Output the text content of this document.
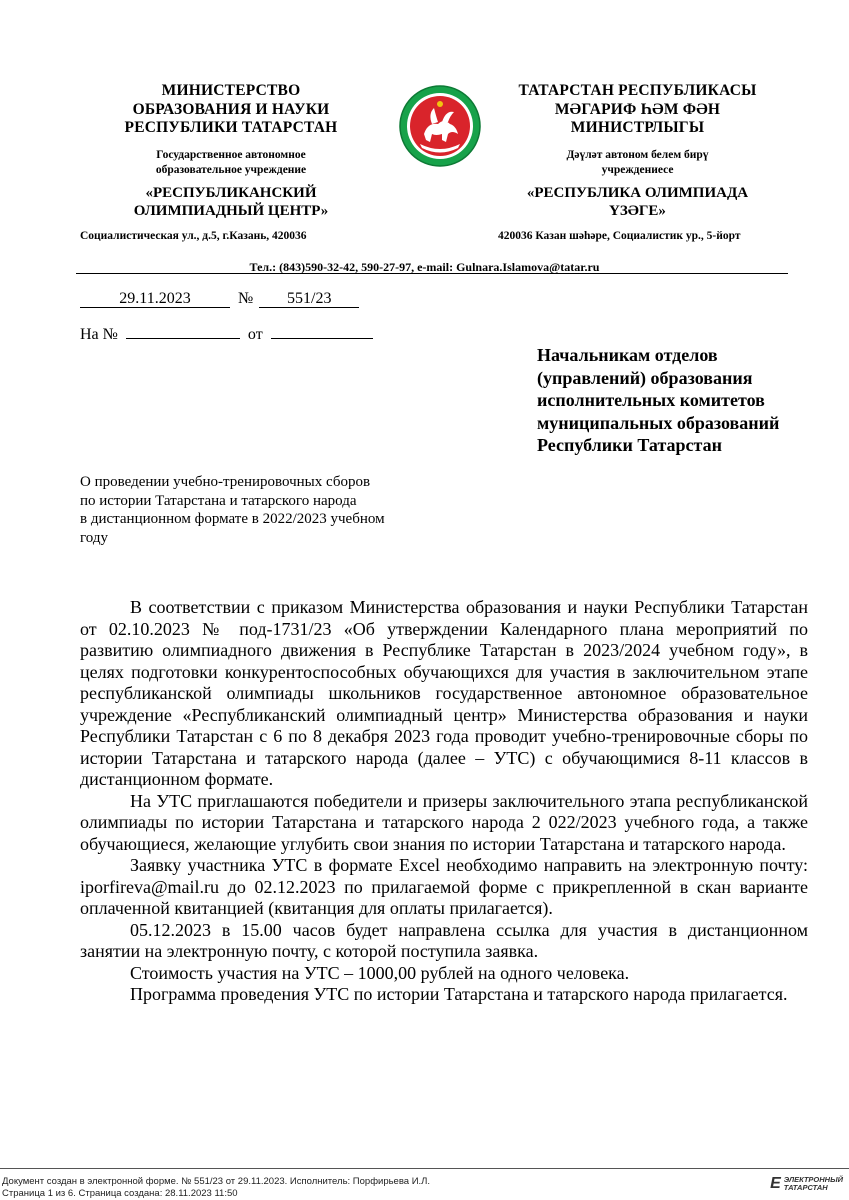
МИНИСТЕРСТВО
ОБРАЗОВАНИЯ И НАУКИ
РЕСПУБЛИКИ ТАТАРСТАН
Государственное автономное
образовательное учреждение
«РЕСПУБЛИКАНСКИЙ
ОЛИМПИАДНЫЙ ЦЕНТР»
Социалистическая ул., д.5, г.Казань, 420036
ТАТАРСТАН РЕСПУБЛИКАСЫ
МӘГАРИФ ҺӘМ ФӘН
МИНИСТРЛЫГЫ
Дәүләт автоном белем бирү
учреждениесе
«РЕСПУБЛИКА ОЛИМПИАДА
ҮЗӘГЕ»
420036 Казан шәһәре, Социалистик ур., 5-йорт
Тел.: (843)590-32-42, 590-27-97, e-mail: Gulnara.Islamova@tatar.ru
29.11.2023	№ 551/23
На №	от
Начальникам отделов
(управлений) образования
исполнительных комитетов
муниципальных образований
Республики Татарстан
О проведении учебно-тренировочных сборов
по истории Татарстана и татарского народа
в дистанционном формате в 2022/2023 учебном
году

В соответствии с приказом Министерства образования и науки Республики Татарстан от 02.10.2023 № под-1731/23 «Об утверждении Календарного плана мероприятий по развитию олимпиадного движения в Республике Татарстан в 2023/2024 учебном году», в целях подготовки конкурентоспособных обучающихся для участия в заключительном этапе республиканской олимпиады школьников государственное автономное образовательное учреждение «Республиканский олимпиадный центр» Министерства образования и науки Республики Татарстан с 6 по 8 декабря 2023 года проводит учебно-тренировочные сборы по истории Татарстана и татарского народа (далее – УТС) с обучающимися 8-11 классов в дистанционном формате.

На УТС приглашаются победители и призеры заключительного этапа республиканской олимпиады по истории Татарстана и татарского народа 2 022/2023 учебного года, а также обучающиеся, желающие углубить свои знания по истории Татарстана и татарского народа.

Заявку участника УТС в формате Excel необходимо направить на электронную почту: iporfireva@mail.ru до 02.12.2023 по прилагаемой форме с прикрепленной в скан варианте оплаченной квитанцией (квитанция для оплаты прилагается).

05.12.2023 в 15.00 часов будет направлена ссылка для участия в дистанционном занятии на электронную почту, с которой поступила заявка.

Стоимость участия на УТС – 1000,00 рублей на одного человека.

Программа проведения УТС по истории Татарстана и татарского народа прилагается.

Документ создан в электронной форме. № 551/23 от 29.11.2023. Исполнитель: Порфирьева И.Л.
Страница 1 из 6. Страница создана: 28.11.2023 11:50
E ЭЛЕКТРОННЫЙ
ТАТАРСТАН
